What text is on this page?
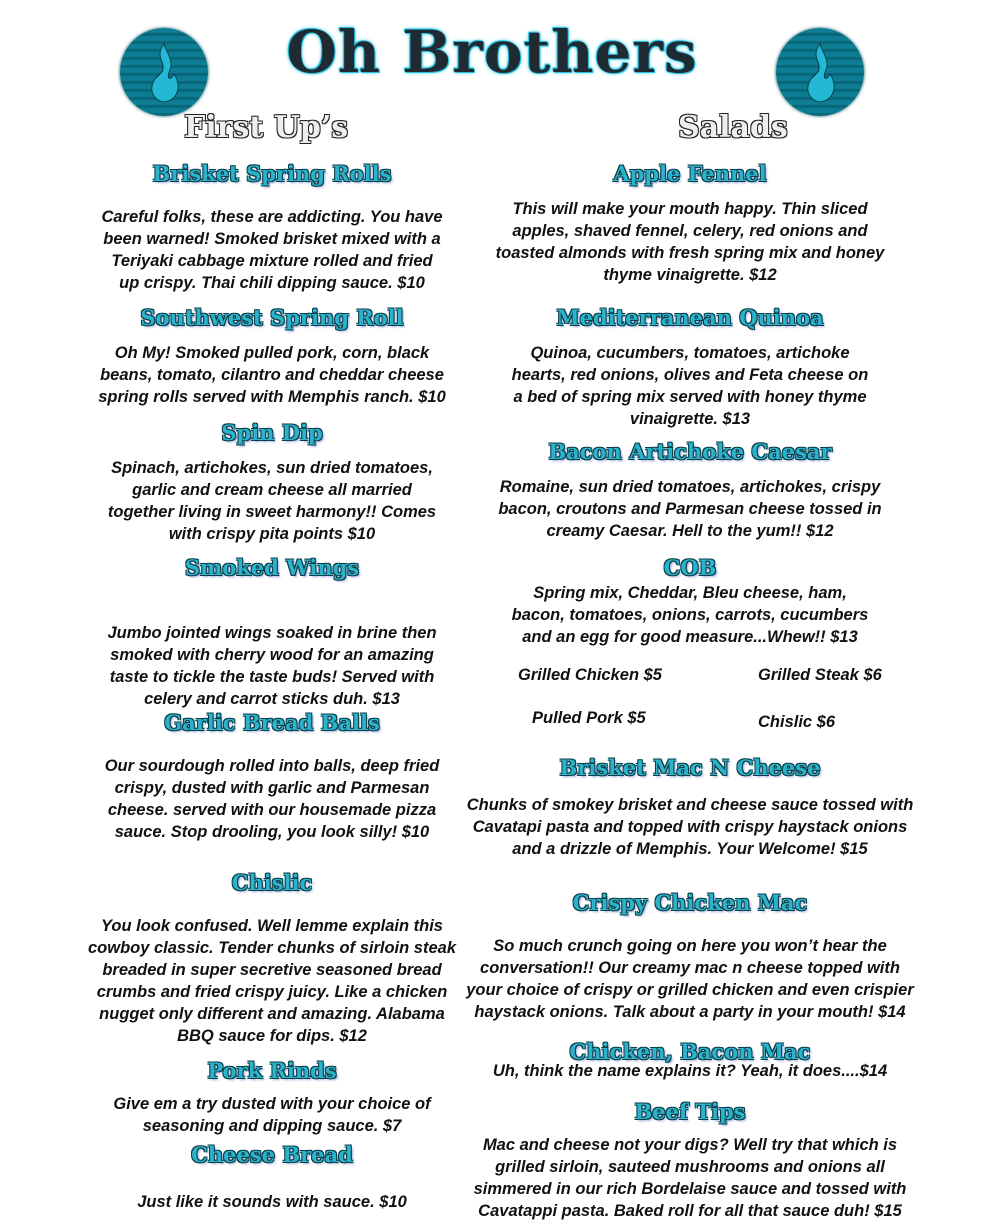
Oh Brothers
First Up’s	Salads
Grilled Chicken $5	Grilled Steak $6
Pulled Pork $5	Chislic $6
Brisket Spring Rolls
Careful folks, these are addicting. You have
been warned! Smoked brisket mixed with a
Teriyaki cabbage mixture rolled and fried
up crispy. Thai chili dipping sauce. $10
Southwest Spring Roll
Oh My! Smoked pulled pork, corn, black
beans, tomato, cilantro and cheddar cheese
spring rolls served with Memphis ranch. $10
Spin Dip
Spinach, artichokes, sun dried tomatoes,
garlic and cream cheese all married
together living in sweet harmony!! Comes
with crispy pita points $10
Smoked Wings
Jumbo jointed wings soaked in brine then
smoked with cherry wood for an amazing
taste to tickle the taste buds! Served with
celery and carrot sticks duh. $13
Garlic Bread Balls
Our sourdough rolled into balls, deep fried
crispy, dusted with garlic and Parmesan
cheese. served with our housemade pizza
sauce. Stop drooling, you look silly! $10
Chislic
You look confused. Well lemme explain this
cowboy classic. Tender chunks of sirloin steak
breaded in super secretive seasoned bread
crumbs and fried crispy juicy. Like a chicken
nugget only different and amazing. Alabama
BBQ sauce for dips. $12
Pork Rinds
Give em a try dusted with your choice of
seasoning and dipping sauce. $7
Cheese Bread
Just like it sounds with sauce. $10
Apple Fennel
This will make your mouth happy. Thin sliced
apples, shaved fennel, celery, red onions and
toasted almonds with fresh spring mix and honey
thyme vinaigrette. $12
Mediterranean Quinoa
Quinoa, cucumbers, tomatoes, artichoke
hearts, red onions, olives and Feta cheese on
a bed of spring mix served with honey thyme
vinaigrette. $13
Bacon Artichoke Caesar
Romaine, sun dried tomatoes, artichokes, crispy
bacon, croutons and Parmesan cheese tossed in
creamy Caesar. Hell to the yum!! $12
COB
Spring mix, Cheddar, Bleu cheese, ham,
bacon, tomatoes, onions, carrots, cucumbers
and an egg for good measure...Whew!! $13
Brisket Mac N Cheese
Chunks of smokey brisket and cheese sauce tossed with
Cavatapi pasta and topped with crispy haystack onions
and a drizzle of Memphis. Your Welcome! $15
Crispy Chicken Mac
So much crunch going on here you won’t hear the
conversation!! Our creamy mac n cheese topped with
your choice of crispy or grilled chicken and even crispier
haystack onions. Talk about a party in your mouth! $14
Chicken, Bacon Mac
Uh, think the name explains it? Yeah, it does....$14
Beef Tips
Mac and cheese not your digs? Well try that which is
grilled sirloin, sauteed mushrooms and onions all
simmered in our rich Bordelaise sauce and tossed with
Cavatappi pasta. Baked roll for all that sauce duh! $15
